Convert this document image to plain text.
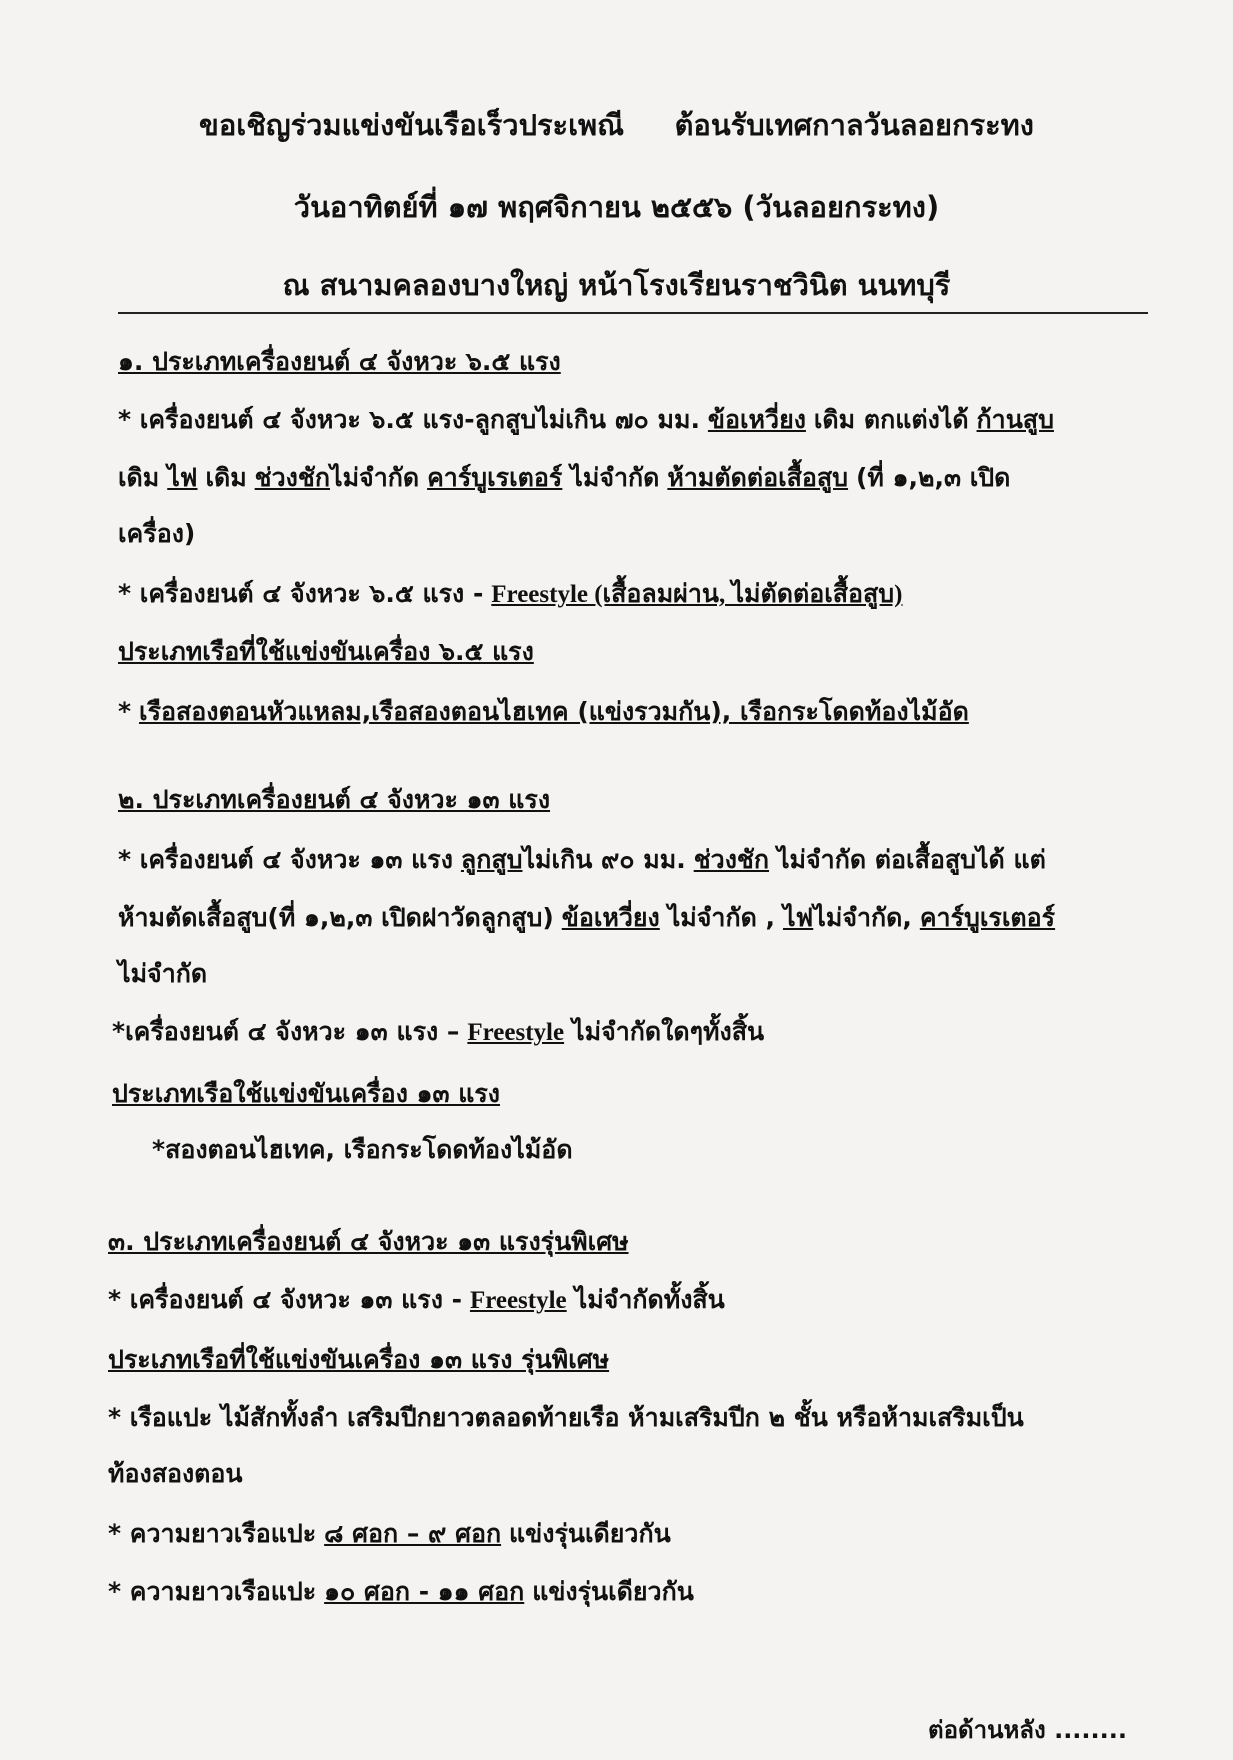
ขอเชิญร่วมแข่งขันเรือเร็วประเพณี ต้อนรับเทศกาลวันลอยกระทง
วันอาทิตย์ที่ ๑๗ พฤศจิกายน ๒๕๕๖ (วันลอยกระทง)
ณ สนามคลองบางใหญ่ หน้าโรงเรียนราชวินิต นนทบุรี
๑. ประเภทเครื่องยนต์ ๔ จังหวะ ๖.๕ แรง
* เครื่องยนต์ ๔ จังหวะ ๖.๕ แรง-ลูกสูบไม่เกิน ๗๐ มม. ข้อเหวี่ยง เดิม ตกแต่งได้ ก้านสูบ
เดิม ไฟ เดิม ช่วงชักไม่จำกัด คาร์บูเรเตอร์ ไม่จำกัด ห้ามตัดต่อเสื้อสูบ (ที่ ๑,๒,๓ เปิด
เครื่อง)
* เครื่องยนต์ ๔ จังหวะ ๖.๕ แรง - Freestyle (เสื้อลมผ่าน, ไม่ตัดต่อเสื้อสูบ)
ประเภทเรือที่ใช้แข่งขันเครื่อง ๖.๕ แรง
* เรือสองตอนหัวแหลม,เรือสองตอนไฮเทค (แข่งรวมกัน), เรือกระโดดท้องไม้อัด
๒. ประเภทเครื่องยนต์ ๔ จังหวะ ๑๓ แรง
* เครื่องยนต์ ๔ จังหวะ ๑๓ แรง ลูกสูบไม่เกิน ๙๐ มม. ช่วงชัก ไม่จำกัด ต่อเสื้อสูบได้ แต่
ห้ามตัดเสื้อสูบ(ที่ ๑,๒,๓ เปิดฝาวัดลูกสูบ) ข้อเหวี่ยง ไม่จำกัด , ไฟไม่จำกัด, คาร์บูเรเตอร์
ไม่จำกัด
*เครื่องยนต์ ๔ จังหวะ ๑๓ แรง – Freestyle ไม่จำกัดใดๆทั้งสิ้น
ประเภทเรือใช้แข่งขันเครื่อง ๑๓ แรง
*สองตอนไฮเทค, เรือกระโดดท้องไม้อัด
๓. ประเภทเครื่องยนต์ ๔ จังหวะ ๑๓ แรงรุ่นพิเศษ
* เครื่องยนต์ ๔ จังหวะ ๑๓ แรง - Freestyle ไม่จำกัดทั้งสิ้น
ประเภทเรือที่ใช้แข่งขันเครื่อง ๑๓ แรง รุ่นพิเศษ
* เรือแปะ ไม้สักทั้งลำ เสริมปีกยาวตลอดท้ายเรือ ห้ามเสริมปีก ๒ ชั้น หรือห้ามเสริมเป็น
ท้องสองตอน
* ความยาวเรือแปะ ๘ ศอก – ๙ ศอก แข่งรุ่นเดียวกัน
* ความยาวเรือแปะ ๑๐ ศอก - ๑๑ ศอก แข่งรุ่นเดียวกัน
ต่อด้านหลัง ........
